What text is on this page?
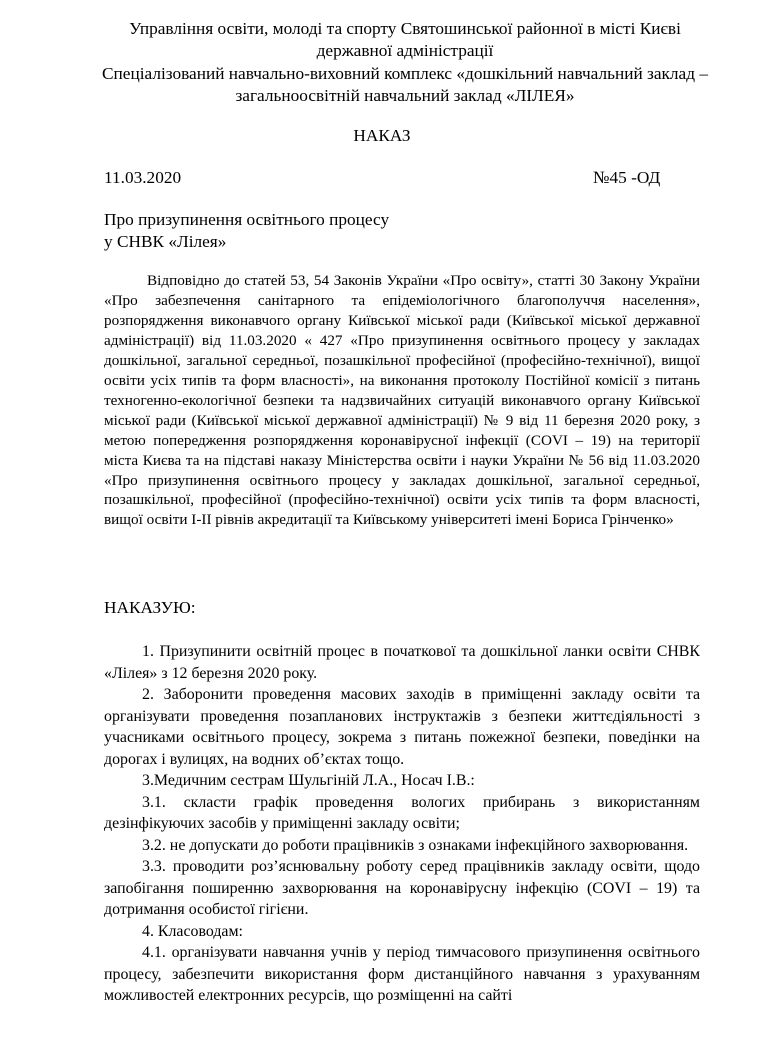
Управління освіти, молоді та спорту Святошинської районної в місті Києві державної адміністрації
Спеціалізований навчально-виховний комплекс «дошкільний навчальний заклад – загальноосвітній навчальний заклад «ЛІЛЕЯ»
НАКАЗ
11.03.2020	№45 -ОД
Про призупинення освітнього процесу
у СНВК «Лілея»

Відповідно до статей 53, 54 Законів України «Про освіту», статті 30 Закону України «Про забезпечення санітарного та епідеміологічного благополуччя населення», розпорядження виконавчого органу Київської міської ради (Київської міської державної адміністрації) від 11.03.2020 « 427 «Про призупинення освітнього процесу у закладах дошкільної, загальної середньої, позашкільної професійної (професійно-технічної), вищої освіти усіх типів та форм власності», на виконання протоколу Постійної комісії з питань техногенно-екологічної безпеки та надзвичайних ситуацій виконавчого органу Київської міської ради (Київської міської державної адміністрації) № 9 від 11 березня 2020 року, з метою попередження розпорядження коронавірусної інфекції (COVI – 19) на території міста Києва та на підставі наказу Міністерства освіти і науки України № 56 від 11.03.2020 «Про призупинення освітнього процесу у закладах дошкільної, загальної середньої, позашкільної, професійної (професійно-технічної) освіти усіх типів та форм власності, вищої освіти І-ІІ рівнів акредитації та Київському університеті імені Бориса Грінченко»

НАКАЗУЮ:

1. Призупинити освітній процес в початкової та дошкільної ланки освіти СНВК «Лілея» з 12 березня 2020 року.

2. Заборонити проведення масових заходів в приміщенні закладу освіти та організувати проведення позапланових інструктажів з безпеки життєдіяльності з учасниками освітнього процесу, зокрема з питань пожежної безпеки, поведінки на дорогах і вулицях, на водних об’єктах тощо.

3.Медичним сестрам Шульгіній Л.А., Носач І.В.:

3.1. скласти графік проведення вологих прибирань з використанням дезінфікуючих засобів у приміщенні закладу освіти;

3.2. не допускати до роботи працівників з ознаками інфекційного захворювання.

3.3. проводити роз’яснювальну роботу серед працівників закладу освіти, щодо запобігання поширенню захворювання на коронавірусну інфекцію (COVI – 19) та дотримання особистої гігієни.

4. Класоводам:

4.1. організувати навчання учнів у період тимчасового призупинення освітнього процесу, забезпечити використання форм дистанційного навчання з урахуванням можливостей електронних ресурсів, що розміщенні на сайті
